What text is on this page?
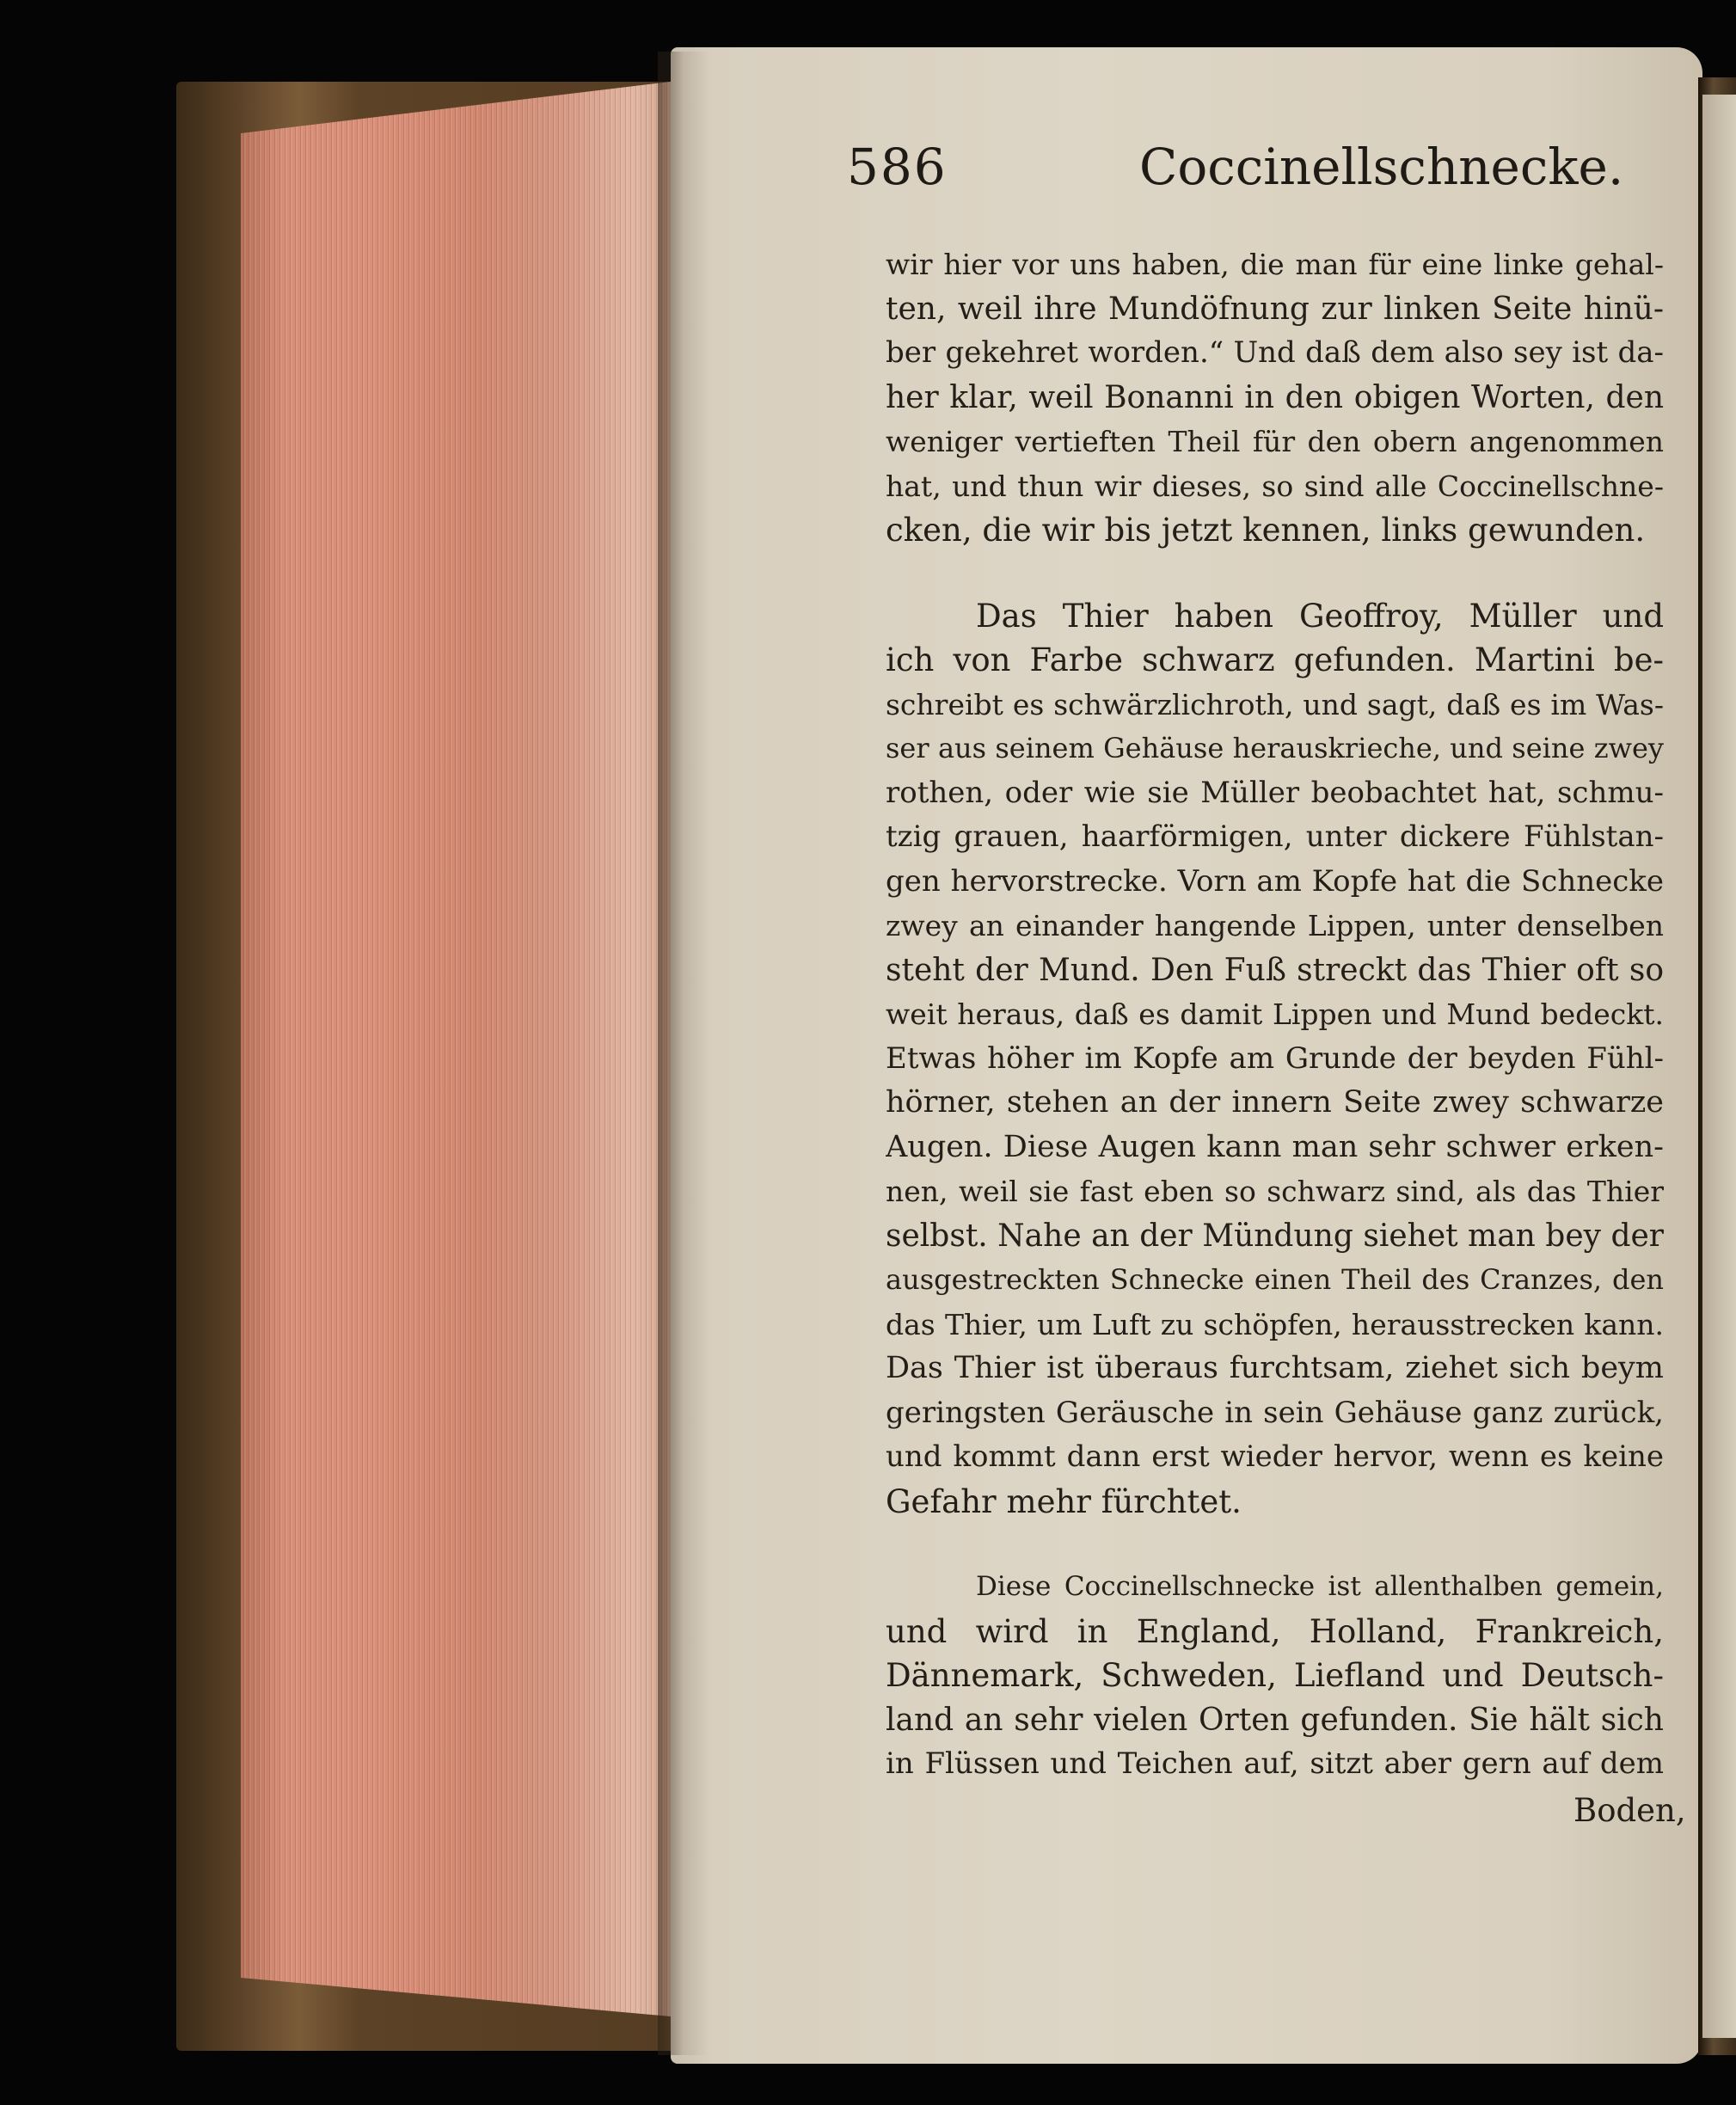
586	Coccinellschnecke.
wir hier vor uns haben, die man für eine linke gehal-
ten, weil ihre Mundöfnung zur linken Seite hinü-
ber gekehret worden.“ Und daß dem also sey ist da-
her klar, weil Bonanni in den obigen Worten, den
weniger vertieften Theil für den obern angenommen
hat, und thun wir dieses, so sind alle Coccinellschne-
cken, die wir bis jetzt kennen, links gewunden.
Das Thier haben Geoffroy, Müller und
ich von Farbe schwarz gefunden. Martini be-
schreibt es schwärzlichroth, und sagt, daß es im Was-
ser aus seinem Gehäuse herauskrieche, und seine zwey
rothen, oder wie sie Müller beobachtet hat, schmu-
tzig grauen, haarförmigen, unter dickere Fühlstan-
gen hervorstrecke. Vorn am Kopfe hat die Schnecke
zwey an einander hangende Lippen, unter denselben
steht der Mund. Den Fuß streckt das Thier oft so
weit heraus, daß es damit Lippen und Mund bedeckt.
Etwas höher im Kopfe am Grunde der beyden Fühl-
hörner, stehen an der innern Seite zwey schwarze
Augen. Diese Augen kann man sehr schwer erken-
nen, weil sie fast eben so schwarz sind, als das Thier
selbst. Nahe an der Mündung siehet man bey der
ausgestreckten Schnecke einen Theil des Cranzes, den
das Thier, um Luft zu schöpfen, herausstrecken kann.
Das Thier ist überaus furchtsam, ziehet sich beym
geringsten Geräusche in sein Gehäuse ganz zurück,
und kommt dann erst wieder hervor, wenn es keine
Gefahr mehr fürchtet.
Diese Coccinellschnecke ist allenthalben gemein,
und wird in England, Holland, Frankreich,
Dännemark, Schweden, Liefland und Deutsch-
land an sehr vielen Orten gefunden. Sie hält sich
in Flüssen und Teichen auf, sitzt aber gern auf dem
Boden,
